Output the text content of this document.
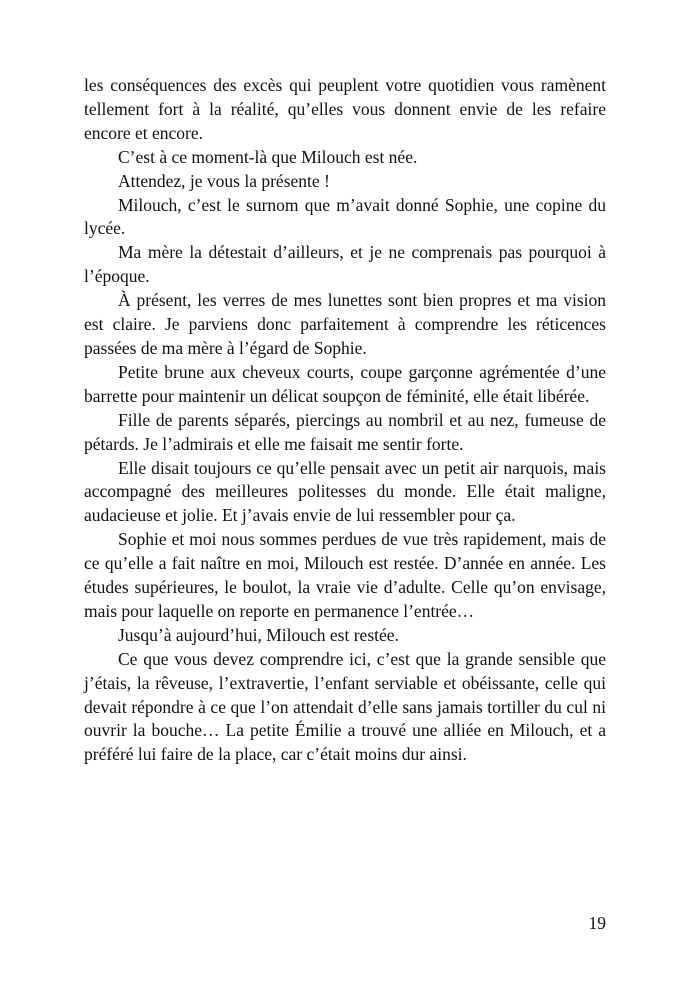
les conséquences des excès qui peuplent votre quotidien vous ramènent tellement fort à la réalité, qu’elles vous donnent envie de les refaire encore et encore.

C’est à ce moment-là que Milouch est née.

Attendez, je vous la présente !

Milouch, c’est le surnom que m’avait donné Sophie, une copine du lycée.

Ma mère la détestait d’ailleurs, et je ne comprenais pas pourquoi à l’époque.

À présent, les verres de mes lunettes sont bien propres et ma vision est claire. Je parviens donc parfaitement à comprendre les réticences passées de ma mère à l’égard de Sophie.

Petite brune aux cheveux courts, coupe garçonne agrémentée d’une barrette pour maintenir un délicat soupçon de féminité, elle était libérée.

Fille de parents séparés, piercings au nombril et au nez, fumeuse de pétards. Je l’admirais et elle me faisait me sentir forte.

Elle disait toujours ce qu’elle pensait avec un petit air narquois, mais accompagné des meilleures politesses du monde. Elle était maligne, audacieuse et jolie. Et j’avais envie de lui ressembler pour ça.

Sophie et moi nous sommes perdues de vue très rapidement, mais de ce qu’elle a fait naître en moi, Milouch est restée. D’année en année. Les études supérieures, le boulot, la vraie vie d’adulte. Celle qu’on envisage, mais pour laquelle on reporte en permanence l’entrée…

Jusqu’à aujourd’hui, Milouch est restée.

Ce que vous devez comprendre ici, c’est que la grande sensible que j’étais, la rêveuse, l’extravertie, l’enfant serviable et obéissante, celle qui devait répondre à ce que l’on attendait d’elle sans jamais tortiller du cul ni ouvrir la bouche… La petite Émilie a trouvé une alliée en Milouch, et a préféré lui faire de la place, car c’était moins dur ainsi.

19
